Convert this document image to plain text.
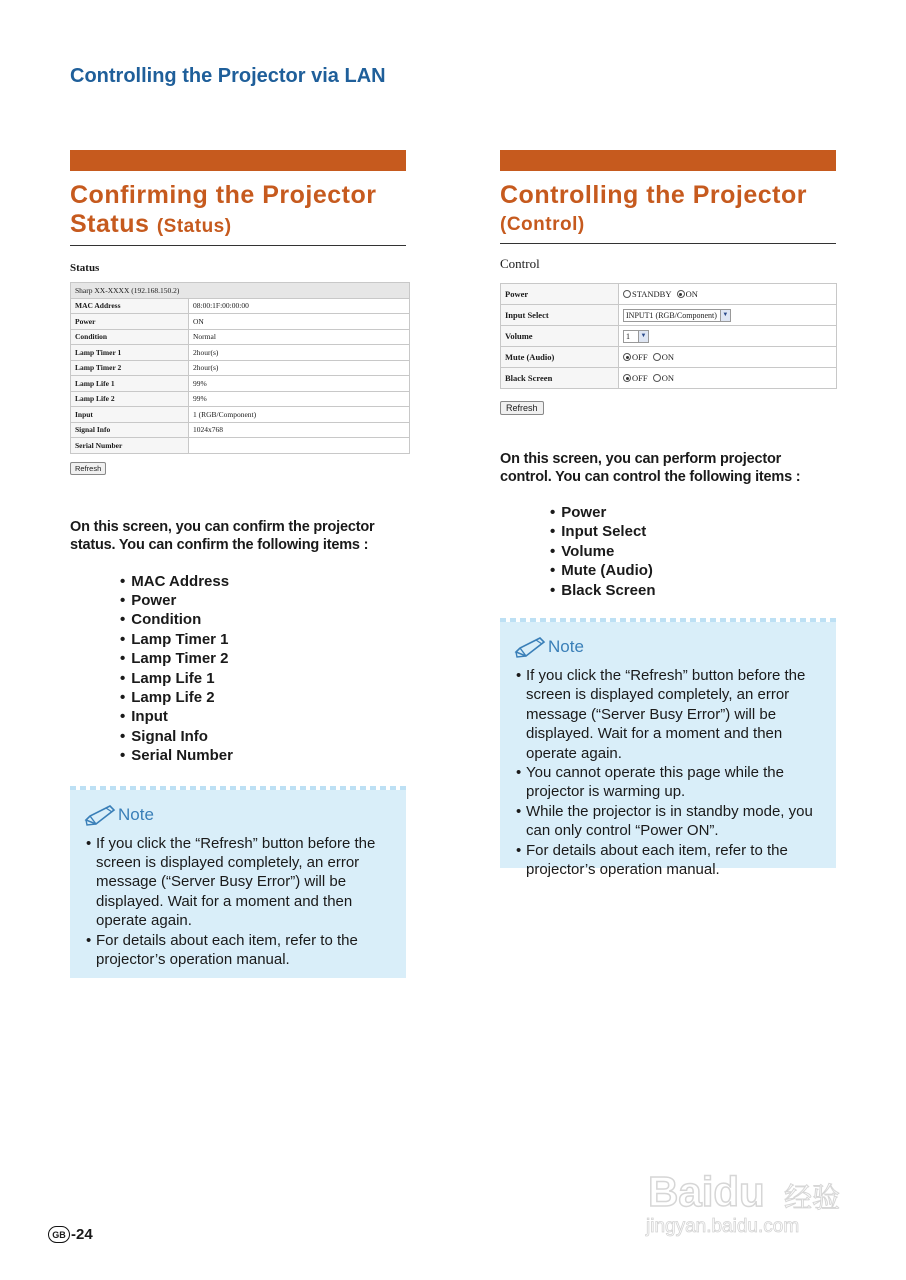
Controlling the Projector via LAN
Confirming the Projector Status (Status)
Status
Sharp XX-XXXX (192.168.150.2)	
MAC Address	08:00:1F:00:00:00
Power	ON
Condition	Normal
Lamp Timer 1	2hour(s)
Lamp Timer 2	2hour(s)
Lamp Life 1	99%
Lamp Life 2	99%
Input	1 (RGB/Component)
Signal Info	1024x768
Serial Number	
Refresh

On this screen, you can confirm the projector status. You can confirm the following items :

• MAC Address
• Power
• Condition
• Lamp Timer 1
• Lamp Timer 2
• Lamp Life 1
• Lamp Life 2
• Input
• Signal Info
• Serial Number
Note
• If you click the “Refresh” button before the screen is displayed completely, an error message (“Server Busy Error”) will be displayed. Wait for a moment and then operate again.
• For details about each item, refer to the projector’s operation manual.
Controlling the Projector
(Control)
Control
Power	STANDBY ON
Input Select	INPUT1 (RGB/Component) ▼

Volume	1 ▼

Mute (Audio)	OFF ON
Black Screen	OFF ON
Refresh

On this screen, you can perform projector control. You can control the following items :

• Power
• Input Select
• Volume
• Mute (Audio)
• Black Screen
Note
• If you click the “Refresh” button before the screen is displayed completely, an error message (“Server Busy Error”) will be displayed. Wait for a moment and then operate again.
• You cannot operate this page while the projector is warming up.
• While the projector is in standby mode, you can only control “Power ON”.
• For details about each item, refer to the projector’s operation manual.
GB -24
Baidu 经验
jingyan.baidu.com
